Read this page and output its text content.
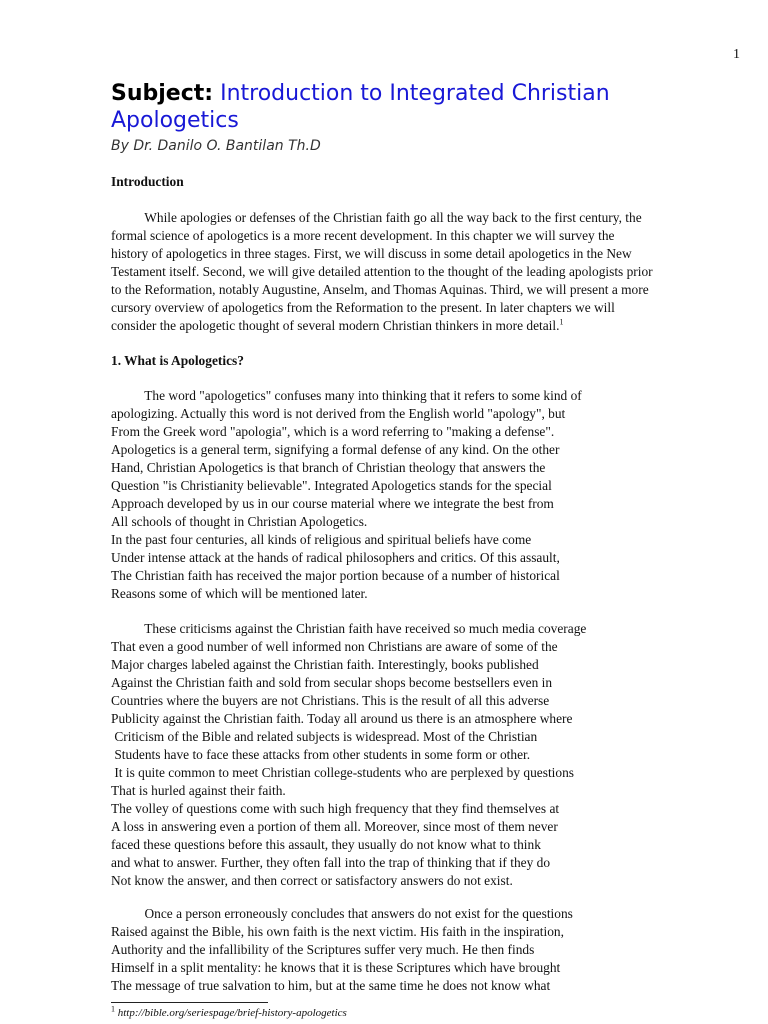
1
Subject: Introduction to Integrated Christian Apologetics
By Dr. Danilo O. Bantilan Th.D
Introduction
While apologies or defenses of the Christian faith go all the way back to the first century, the
formal science of apologetics is a more recent development. In this chapter we will survey the
history of apologetics in three stages. First, we will discuss in some detail apologetics in the New
Testament itself. Second, we will give detailed attention to the thought of the leading apologists prior
to the Reformation, notably Augustine, Anselm, and Thomas Aquinas. Third, we will present a more
cursory overview of apologetics from the Reformation to the present. In later chapters we will
consider the apologetic thought of several modern Christian thinkers in more detail.$^1$
1. What is Apologetics?
The word "apologetics" confuses many into thinking that it refers to some kind of
apologizing. Actually this word is not derived from the English world "apology", but
From the Greek word "apologia", which is a word referring to "making a defense".
Apologetics is a general term, signifying a formal defense of any kind. On the other
Hand, Christian Apologetics is that branch of Christian theology that answers the
Question "is Christianity believable". Integrated Apologetics stands for the special
Approach developed by us in our course material where we integrate the best from
All schools of thought in Christian Apologetics.
In the past four centuries, all kinds of religious and spiritual beliefs have come
Under intense attack at the hands of radical philosophers and critics. Of this assault,
The Christian faith has received the major portion because of a number of historical
Reasons some of which will be mentioned later.
These criticisms against the Christian faith have received so much media coverage
That even a good number of well informed non Christians are aware of some of the
Major charges labeled against the Christian faith. Interestingly, books published
Against the Christian faith and sold from secular shops become bestsellers even in
Countries where the buyers are not Christians. This is the result of all this adverse
Publicity against the Christian faith. Today all around us there is an atmosphere where
Criticism of the Bible and related subjects is widespread. Most of the Christian
Students have to face these attacks from other students in some form or other.
It is quite common to meet Christian college-students who are perplexed by questions
That is hurled against their faith.
The volley of questions come with such high frequency that they find themselves at
A loss in answering even a portion of them all. Moreover, since most of them never
faced these questions before this assault, they usually do not know what to think
and what to answer. Further, they often fall into the trap of thinking that if they do
Not know the answer, and then correct or satisfactory answers do not exist.
Once a person erroneously concludes that answers do not exist for the questions
Raised against the Bible, his own faith is the next victim. His faith in the inspiration,
Authority and the infallibility of the Scriptures suffer very much. He then finds
Himself in a split mentality: he knows that it is these Scriptures which have brought
The message of true salvation to him, but at the same time he does not know what
$^1$ http://bible.org/seriespage/brief-history-apologetics
